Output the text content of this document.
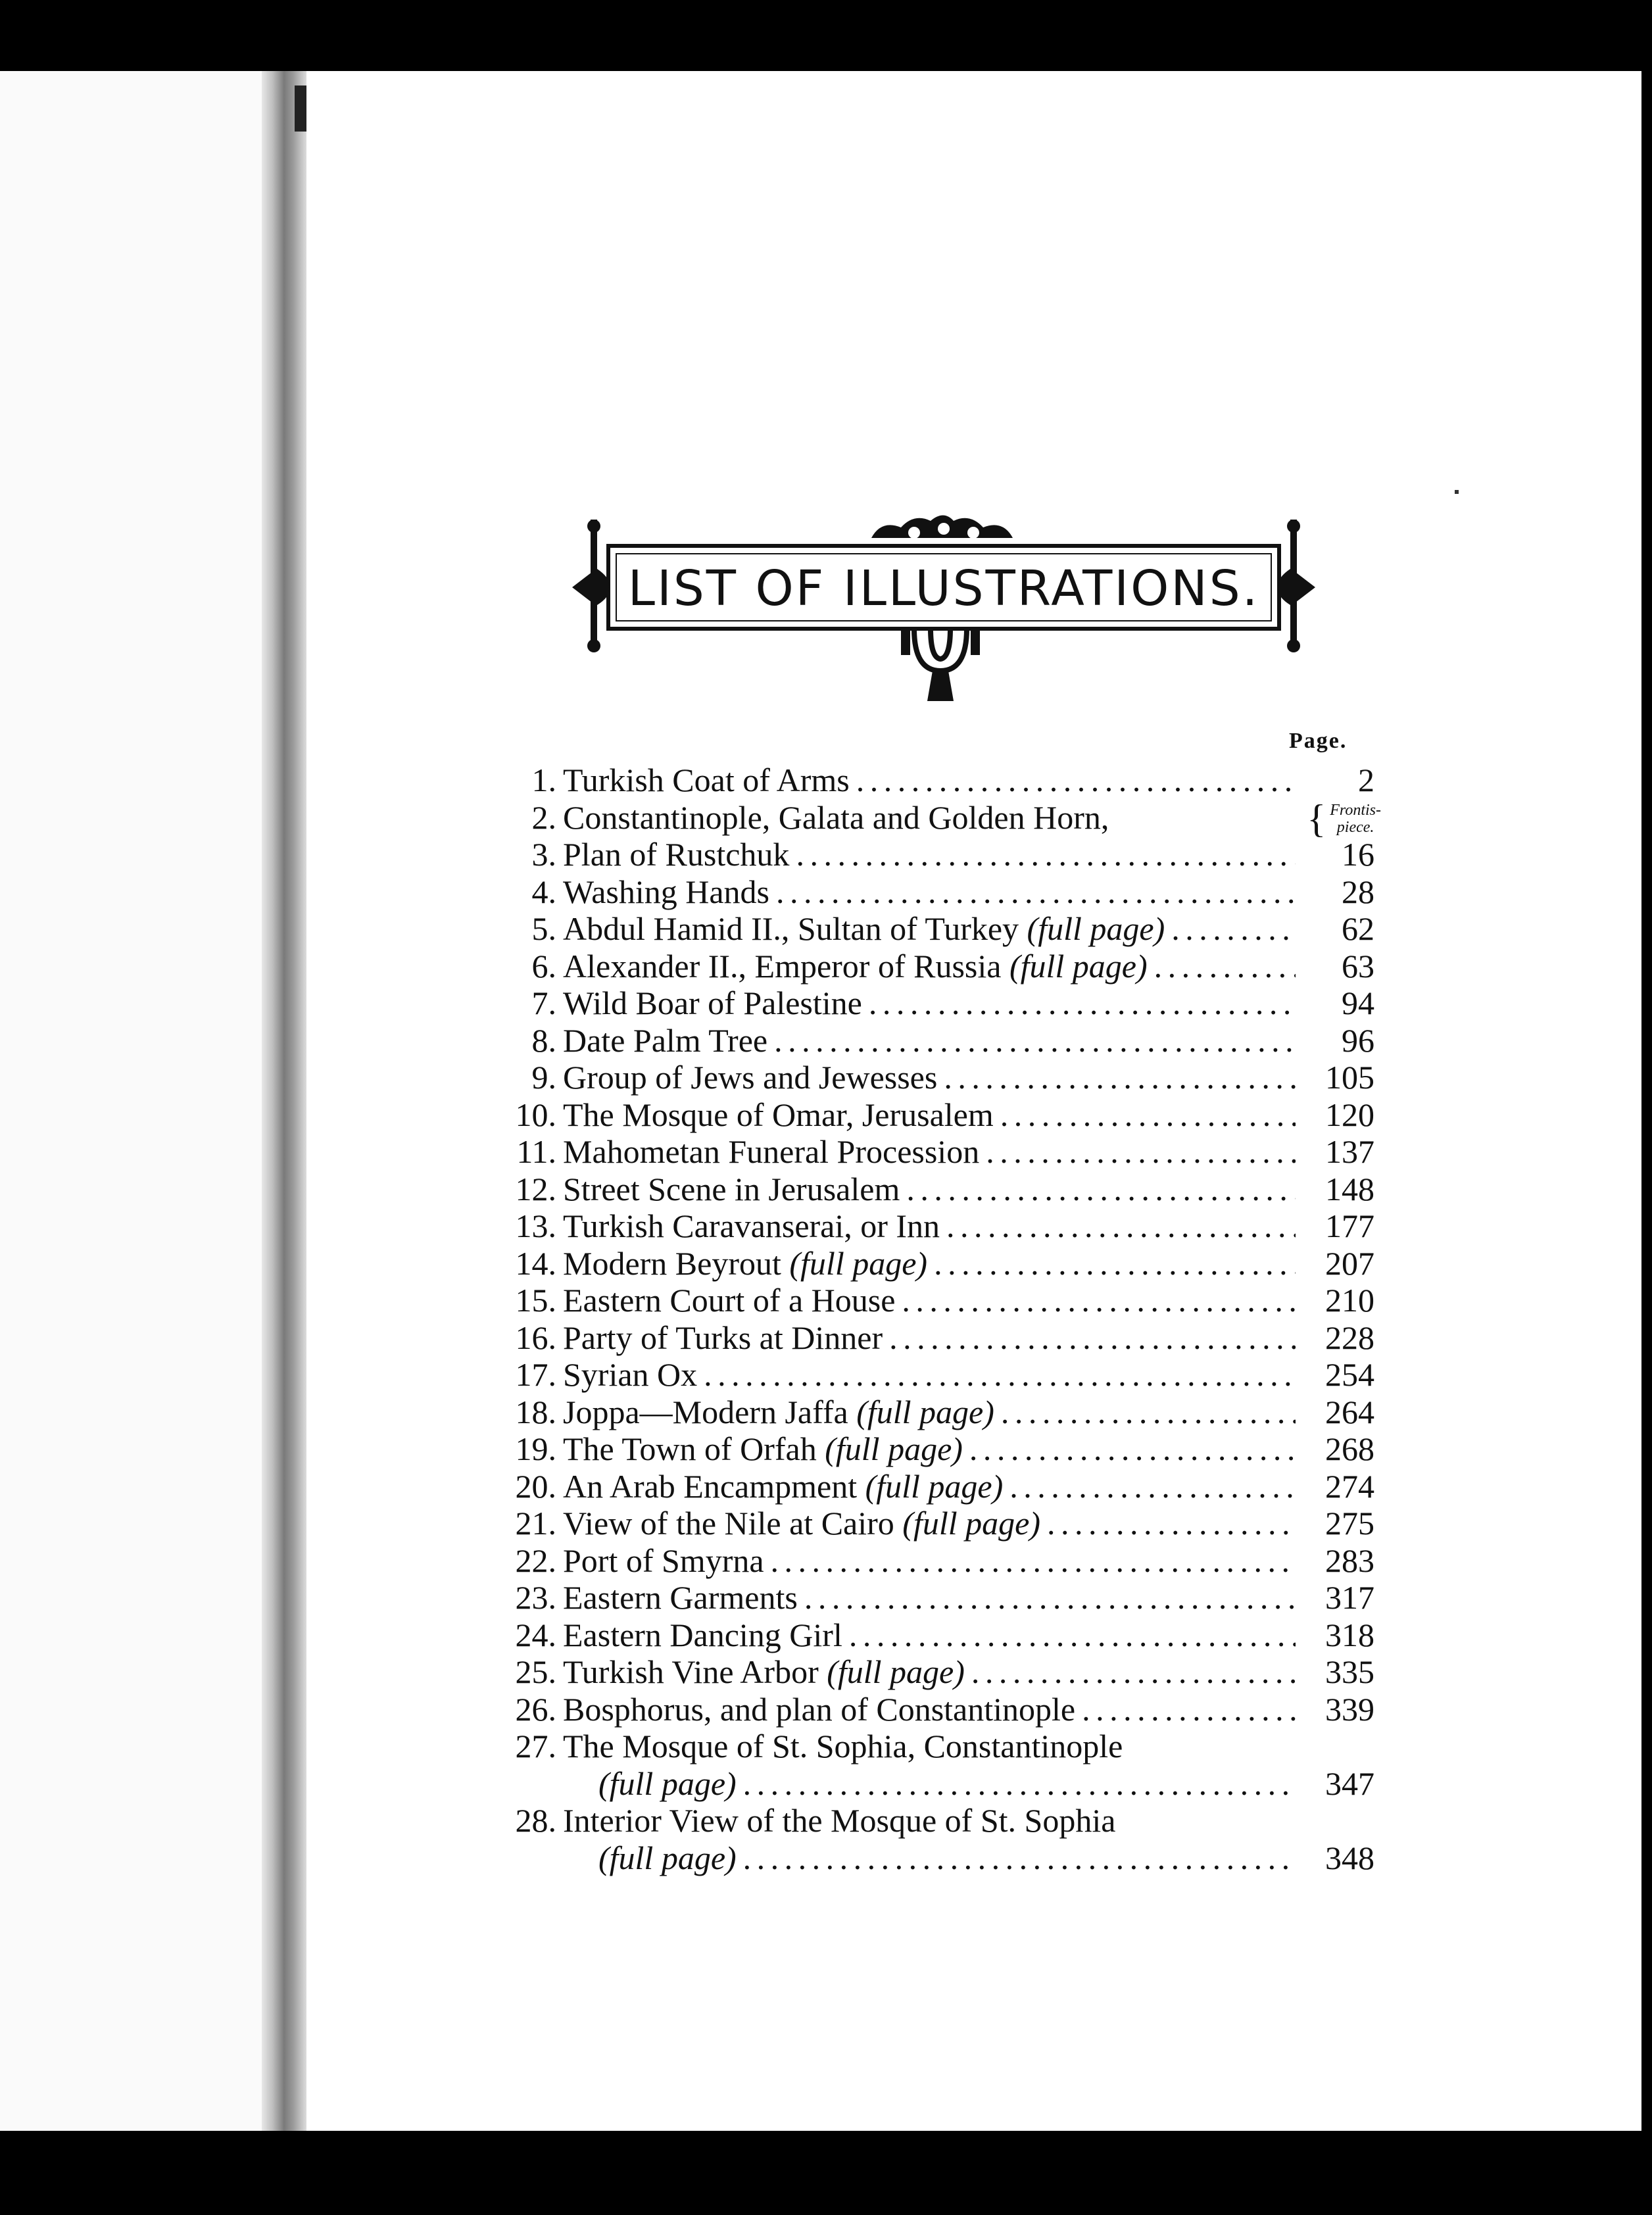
LIST OF ILLUSTRATIONS.
Page.
1. Turkish Coat of Arms . . .	2
2. Constantinople, Galata and Golden Horn,	{ Frontis-
piece.
3. Plan of Rustchuk . . .	16
4. Washing Hands . . .	28
5. Abdul Hamid II., Sultan of Turkey (full page) . . .	62
6. Alexander II., Emperor of Russia (full page) . . .	63
7. Wild Boar of Palestine . . .	94
8. Date Palm Tree . . .	96
9. Group of Jews and Jewesses . . .	105
10. The Mosque of Omar, Jerusalem . . .	120
11. Mahometan Funeral Procession . . .	137
12. Street Scene in Jerusalem . . .	148
13. Turkish Caravanserai, or Inn . . .	177
14. Modern Beyrout (full page) . . .	207
15. Eastern Court of a House . . .	210
16. Party of Turks at Dinner . . .	228
17. Syrian Ox . . .	254
18. Joppa—Modern Jaffa (full page) . . .	264
19. The Town of Orfah (full page) . . .	268
20. An Arab Encampment (full page) . . .	274
21. View of the Nile at Cairo (full page) . . .	275
22. Port of Smyrna . . .	283
23. Eastern Garments . . .	317
24. Eastern Dancing Girl . . .	318
25. Turkish Vine Arbor (full page) . . .	335
26. Bosphorus, and plan of Constantinople . . .	339
27. The Mosque of St. Sophia, Constantinople
(full page) . . .	347
28. Interior View of the Mosque of St. Sophia
(full page) . . .	348
